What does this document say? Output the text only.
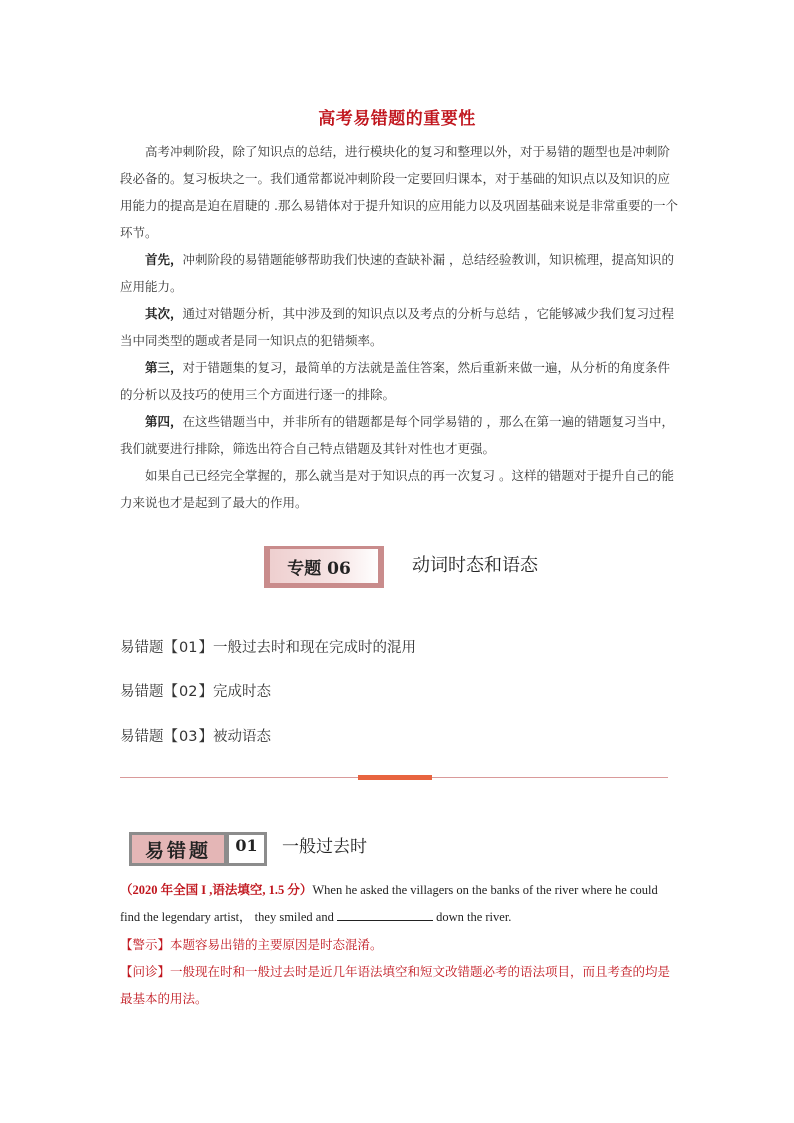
高考易错题的重要性

高考冲刺阶段，除了知识点的总结，进行模块化的复习和整理以外，对于易错的题型也是冲刺阶段必备的。复习板块之一。我们通常都说冲刺阶段一定要回归课本，对于基础的知识点以及知识的应用能力的提高是迫在眉睫的 .那么易错体对于提升知识的应用能力以及巩固基础来说是非常重要的一个环节。

首先，冲刺阶段的易错题能够帮助我们快速的查缺补漏 ，总结经验教训，知识梳理，提高知识的应用能力。

其次，通过对错题分析，其中涉及到的知识点以及考点的分析与总结 ，它能够减少我们复习过程当中同类型的题或者是同一知识点的犯错频率。

第三，对于错题集的复习，最简单的方法就是盖住答案，然后重新来做一遍，从分析的角度条件的分析以及技巧的使用三个方面进行逐一的排除。

第四，在这些错题当中，并非所有的错题都是每个同学易错的 ，那么在第一遍的错题复习当中，我们就要进行排除，筛选出符合自己特点错题及其针对性也才更强。

如果自己已经完全掌握的，那么就当是对于知识点的再一次复习 。这样的错题对于提升自己的能力来说也才是起到了最大的作用。

专题 06	动词时态和语态
易错题【01】一般过去时和现在完成时的混用
易错题【02】完成时态
易错题【03】被动语态
易错题	01	一般过去时

（2020 年全国 I ,语法填空, 1.5 分）When he asked the villagers on the banks of the river where he could find the legendary artist， they smiled and	down the river.

【警示】本题容易出错的主要原因是时态混淆。

【问诊】一般现在时和一般过去时是近几年语法填空和短文改错题必考的语法项目，而且考查的均是最基本的用法。
